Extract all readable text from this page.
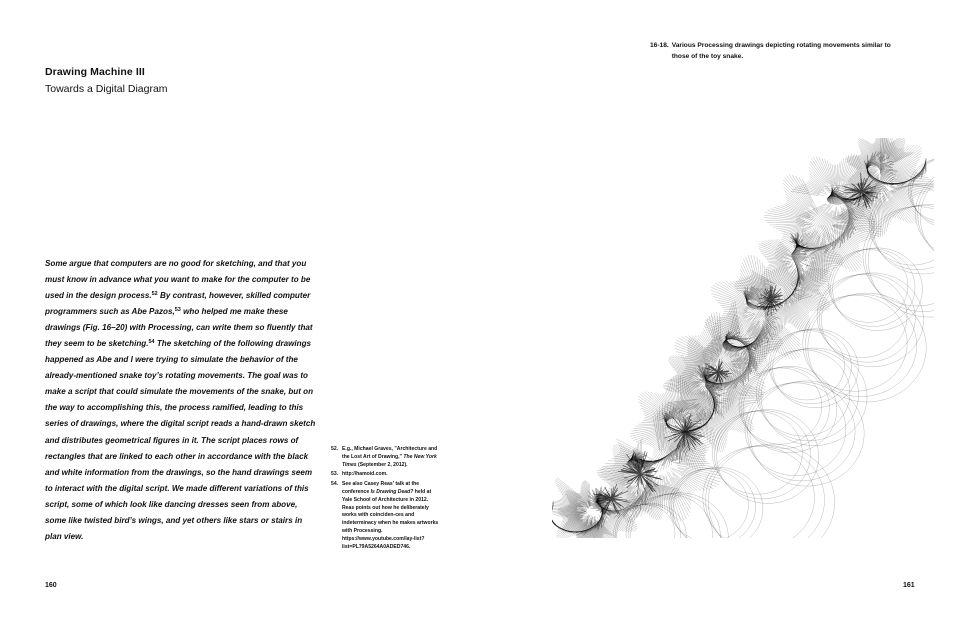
Drawing Machine III
Towards a Digital Diagram

Some argue that computers are no good for sketching, and that you must know in advance what you want to make for the computer to be used in the design process.$^{52}$ By contrast, however, skilled computer programmers such as Abe Pazos,$^{53}$ who helped me make these drawings (Fig. 16–20) with Processing, can write them so fluently that they seem to be sketching.$^{54}$ The sketching of the following drawings happened as Abe and I were trying to simulate the behavior of the already-mentioned snake toy’s rotating movements. The goal was to make a script that could simulate the movements of the snake, but on the way to accomplishing this, the process ramified, leading to this series of drawings, where the digital script reads a hand-drawn sketch and distributes geometrical figures in it. The script places rows of rectangles that are linked to each other in accordance with the black and white information from the drawings, so the hand drawings seem to interact with the digital script. We made different variations of this script, some of which look like dancing dresses seen from above, some like twisted bird’s wings, and yet others like stars or stairs in plan view.

52. E.g., Michael Graves, "Architecture and the Lost Art of Drawing," The New York Times (September 2, 2012).
53. http://hamoid.com.
54. See also Casey Reas' talk at the conference Is Drawing Dead? held at Yale School of Architecture in 2012. Reas points out how he deliberately works with coinciden-ces and indeterminacy when he makes artworks with Processing. https://www.youtube.com/lay-list?list=PL79A5264A0ADED746.
160

16-18. Various Processing drawings depicting rotating movements similar to those of the toy snake.

161
